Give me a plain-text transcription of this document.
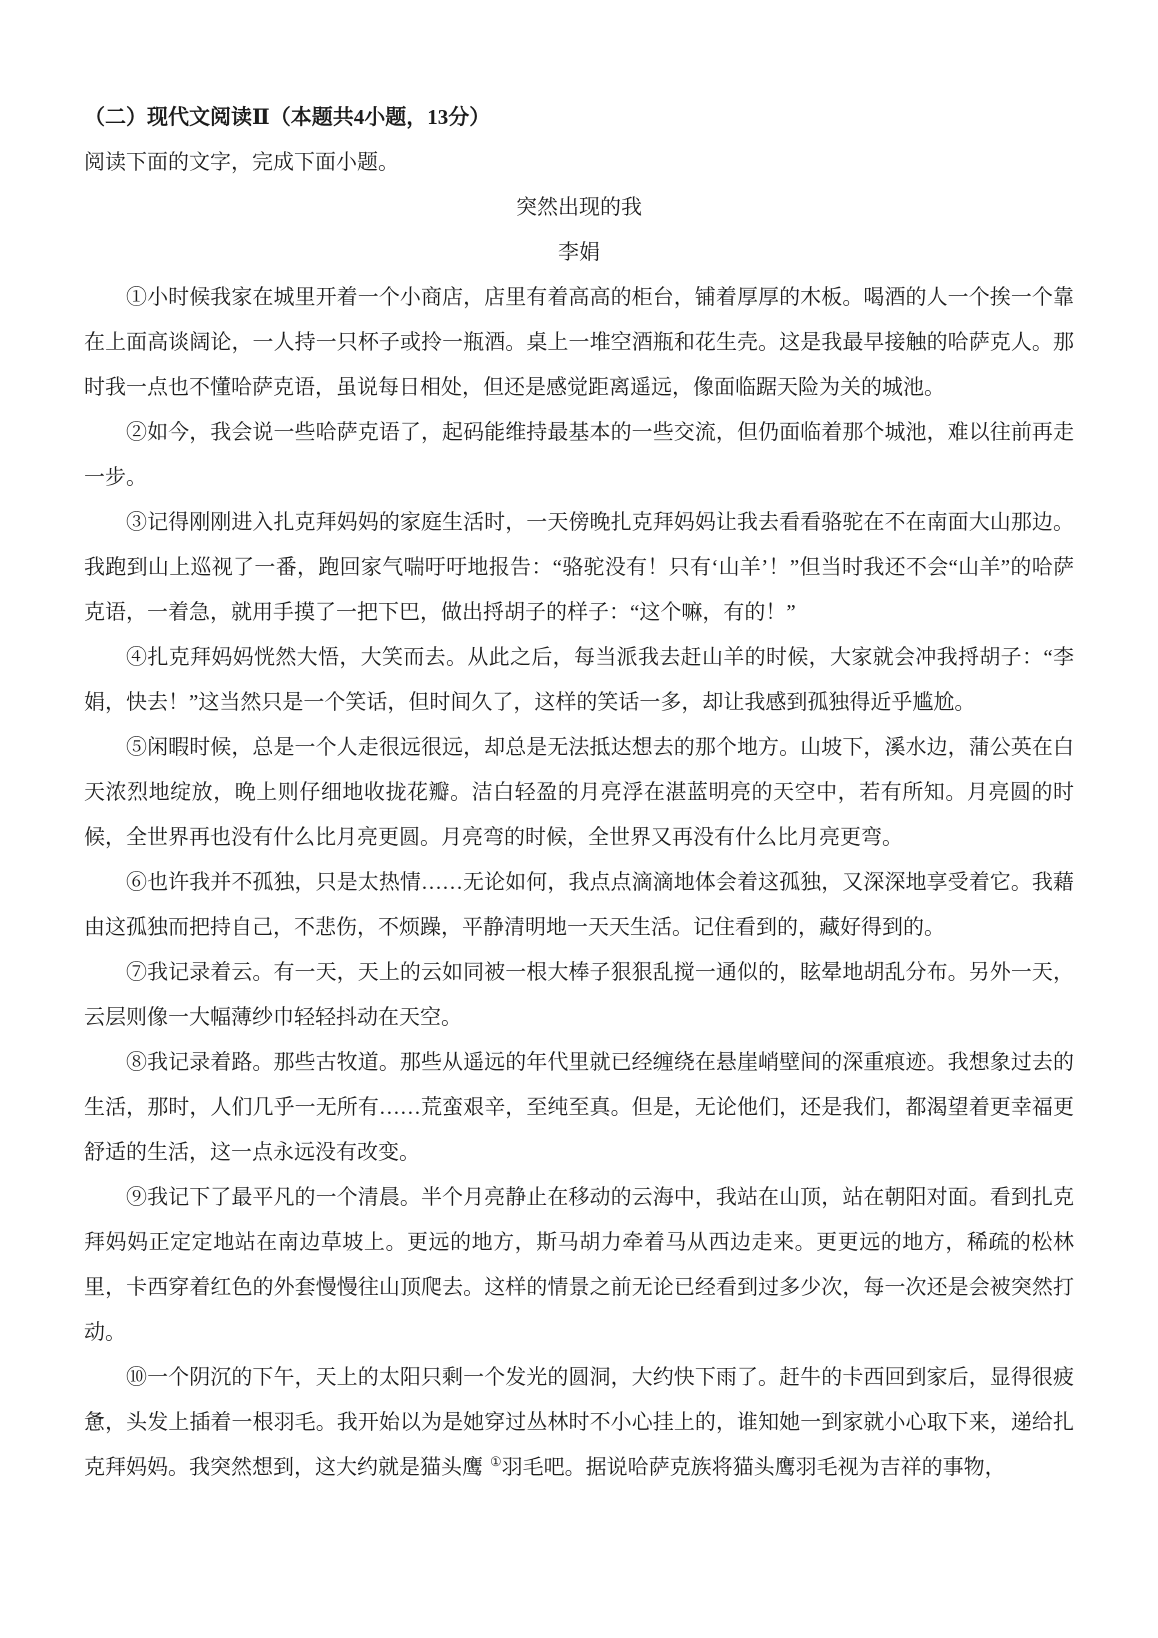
（二）现代文阅读Ⅱ（本题共4小题，13分）

阅读下面的文字，完成下面小题。

突然出现的我

李娟

①小时候我家在城里开着一个小商店，店里有着高高的柜台，铺着厚厚的木板。喝酒的人一个挨一个靠在上面高谈阔论，一人持一只杯子或拎一瓶酒。桌上一堆空酒瓶和花生壳。这是我最早接触的哈萨克人。那时我一点也不懂哈萨克语，虽说每日相处，但还是感觉距离遥远，像面临踞天险为关的城池。

②如今，我会说一些哈萨克语了，起码能维持最基本的一些交流，但仍面临着那个城池，难以往前再走一步。

③记得刚刚进入扎克拜妈妈的家庭生活时，一天傍晚扎克拜妈妈让我去看看骆驼在不在南面大山那边。我跑到山上巡视了一番，跑回家气喘吁吁地报告：“骆驼没有！只有‘山羊’！”但当时我还不会“山羊”的哈萨克语，一着急，就用手摸了一把下巴，做出捋胡子的样子：“这个嘛，有的！”

④扎克拜妈妈恍然大悟，大笑而去。从此之后，每当派我去赶山羊的时候，大家就会冲我捋胡子：“李娟，快去！”这当然只是一个笑话，但时间久了，这样的笑话一多，却让我感到孤独得近乎尴尬。

⑤闲暇时候，总是一个人走很远很远，却总是无法抵达想去的那个地方。山坡下，溪水边，蒲公英在白天浓烈地绽放，晚上则仔细地收拢花瓣。洁白轻盈的月亮浮在湛蓝明亮的天空中，若有所知。月亮圆的时候，全世界再也没有什么比月亮更圆。月亮弯的时候，全世界又再没有什么比月亮更弯。

⑥也许我并不孤独，只是太热情……无论如何，我点点滴滴地体会着这孤独，又深深地享受着它。我藉由这孤独而把持自己，不悲伤，不烦躁，平静清明地一天天生活。记住看到的，藏好得到的。

⑦我记录着云。有一天，天上的云如同被一根大棒子狠狠乱搅一通似的，眩晕地胡乱分布。另外一天，云层则像一大幅薄纱巾轻轻抖动在天空。

⑧我记录着路。那些古牧道。那些从遥远的年代里就已经缠绕在悬崖峭壁间的深重痕迹。我想象过去的生活，那时，人们几乎一无所有……荒蛮艰辛，至纯至真。但是，无论他们，还是我们，都渴望着更幸福更舒适的生活，这一点永远没有改变。

⑨我记下了最平凡的一个清晨。半个月亮静止在移动的云海中，我站在山顶，站在朝阳对面。看到扎克拜妈妈正定定地站在南边草坡上。更远的地方，斯马胡力牵着马从西边走来。更更远的地方，稀疏的松林里，卡西穿着红色的外套慢慢往山顶爬去。这样的情景之前无论已经看到过多少次，每一次还是会被突然打动。

⑩一个阴沉的下午，天上的太阳只剩一个发光的圆洞，大约快下雨了。赶牛的卡西回到家后，显得很疲惫，头发上插着一根羽毛。我开始以为是她穿过丛林时不小心挂上的，谁知她一到家就小心取下来，递给扎克拜妈妈。我突然想到，这大约就是猫头鹰 ①羽毛吧。据说哈萨克族将猫头鹰羽毛视为吉祥的事物，
